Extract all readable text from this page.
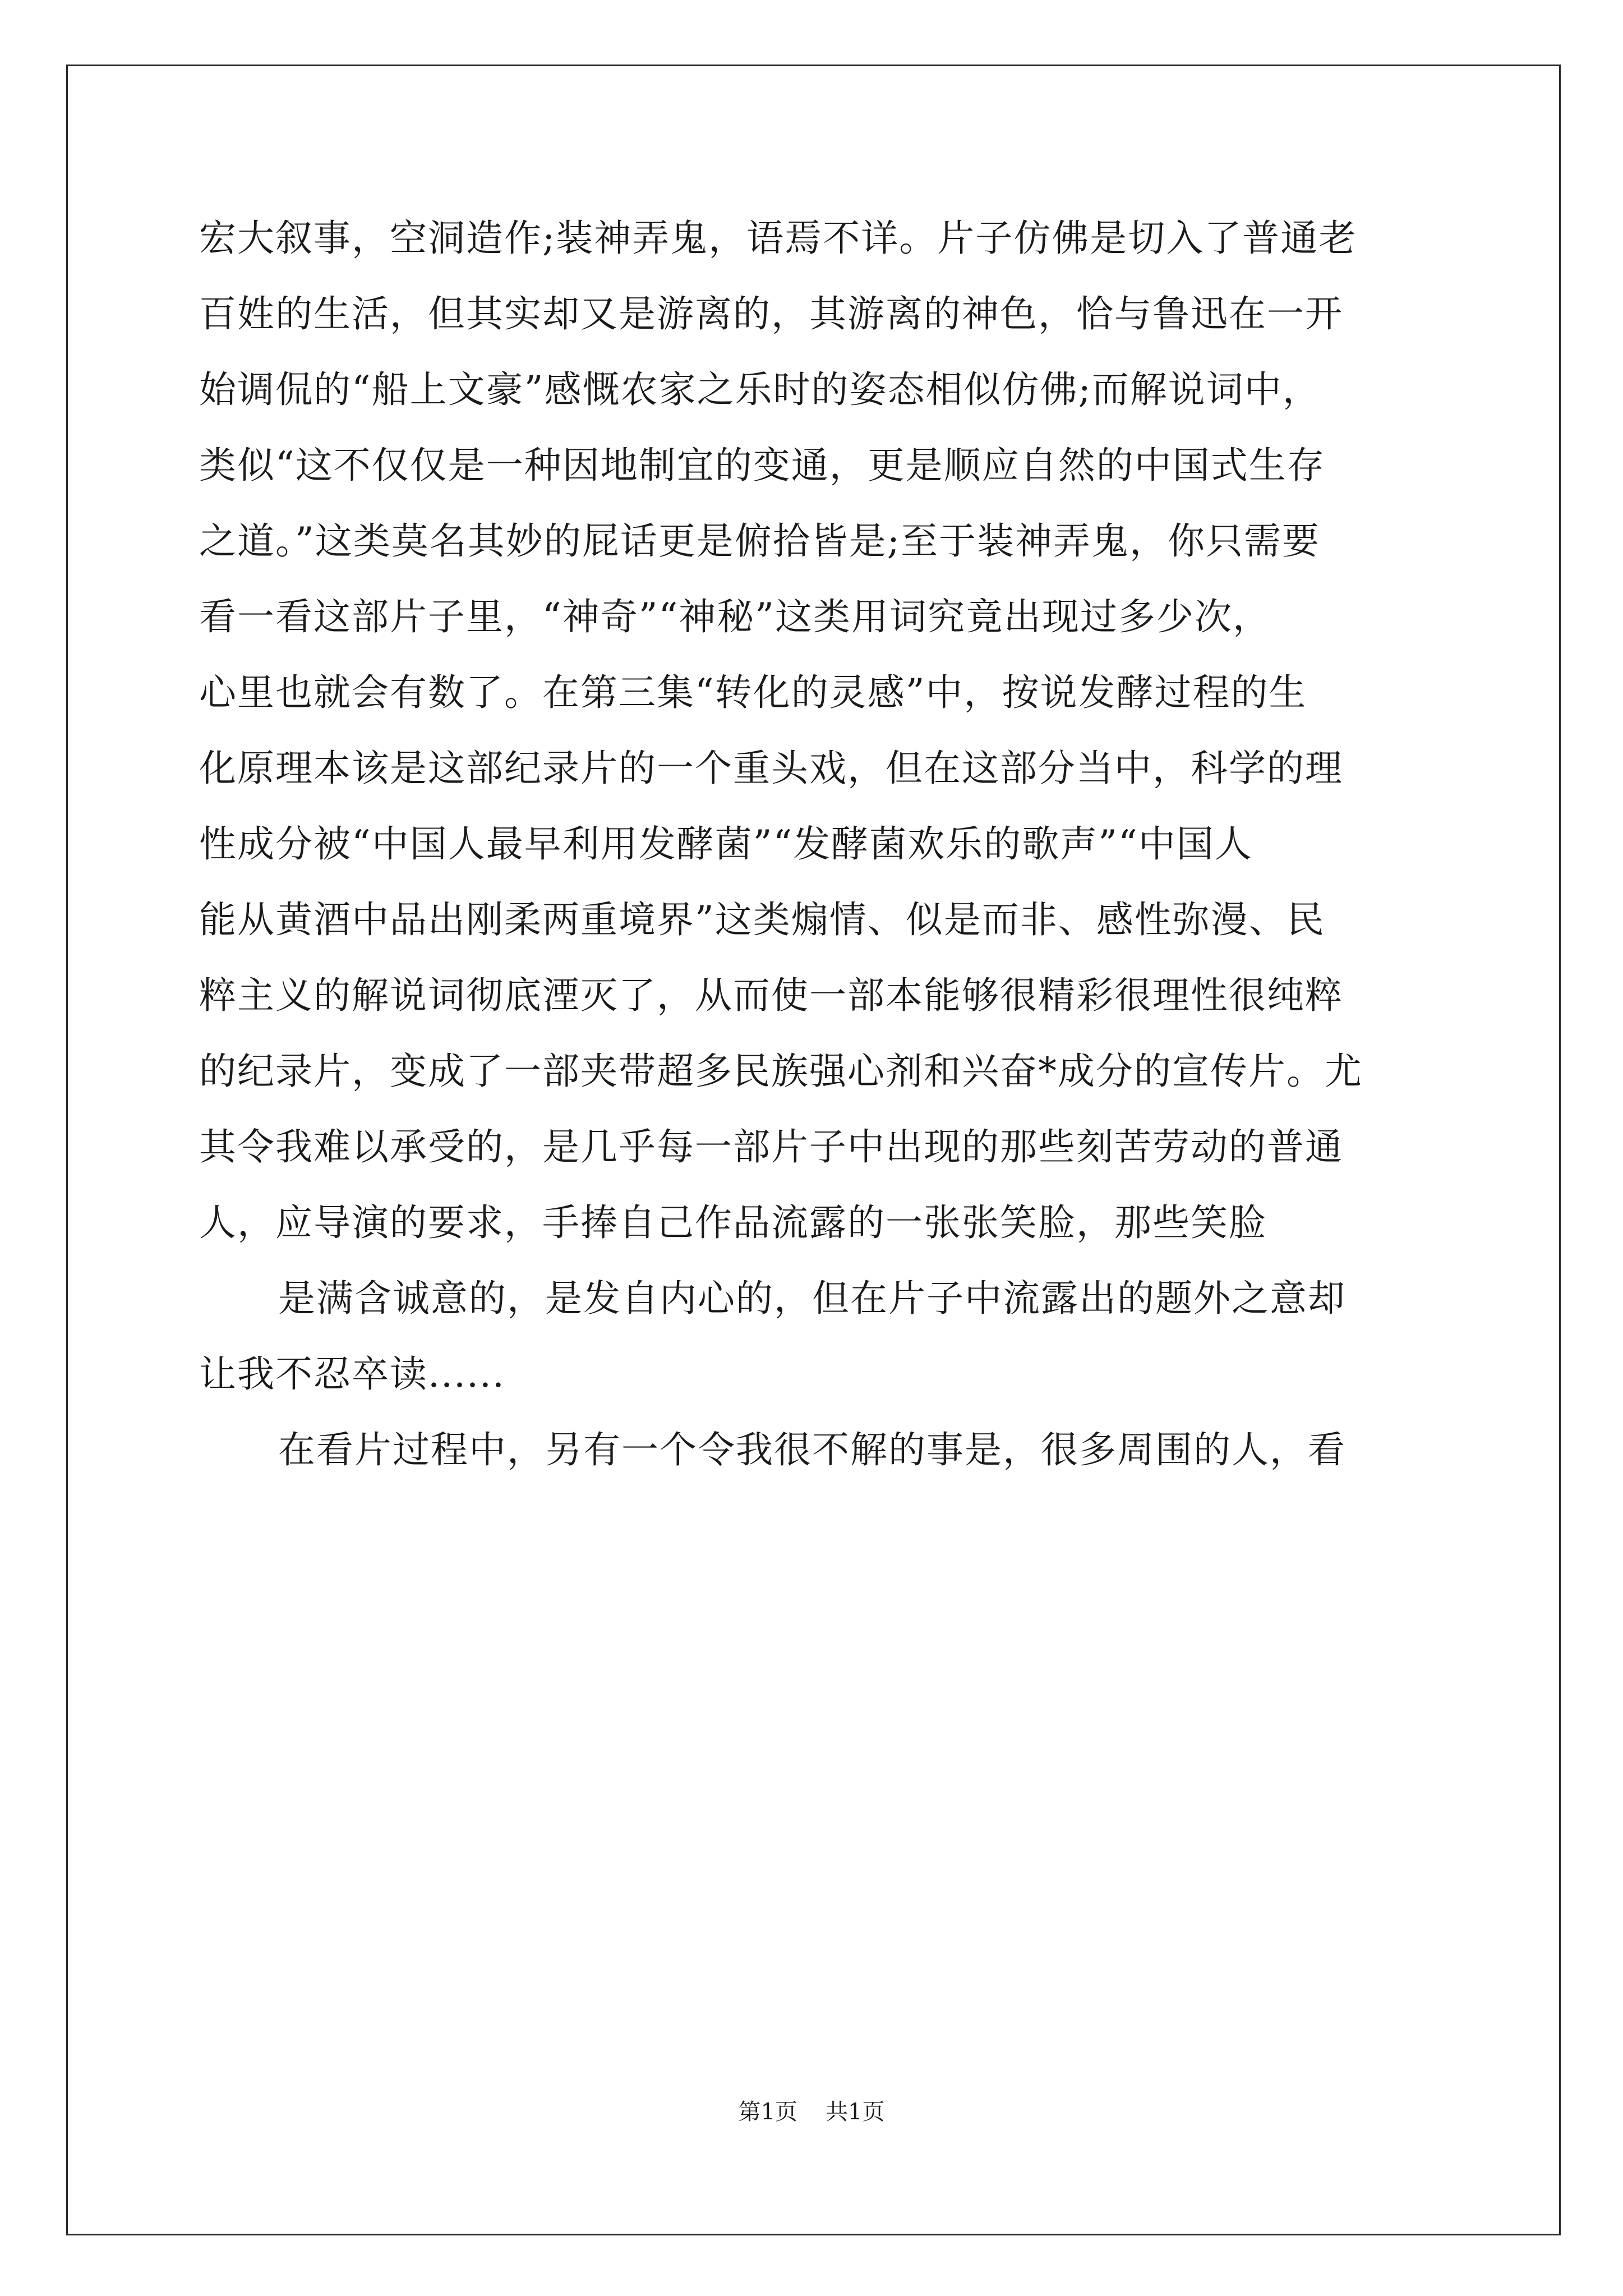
宏大叙事，空洞造作;装神弄鬼，语焉不详。片子仿佛是切入了普通老
百姓的生活，但其实却又是游离的，其游离的神色，恰与鲁迅在一开
始调侃的“船上文豪”感慨农家之乐时的姿态相似仿佛;而解说词中，
类似“这不仅仅是一种因地制宜的变通，更是顺应自然的中国式生存
之道。”这类莫名其妙的屁话更是俯拾皆是;至于装神弄鬼，你只需要
看一看这部片子里，“神奇”“神秘”这类用词究竟出现过多少次，
心里也就会有数了。在第三集“转化的灵感”中，按说发酵过程的生
化原理本该是这部纪录片的一个重头戏，但在这部分当中，科学的理
性成分被“中国人最早利用发酵菌”“发酵菌欢乐的歌声”“中国人
能从黄酒中品出刚柔两重境界”这类煽情、似是而非、感性弥漫、民
粹主义的解说词彻底湮灭了，从而使一部本能够很精彩很理性很纯粹
的纪录片，变成了一部夹带超多民族强心剂和兴奋*成分的宣传片。尤
其令我难以承受的，是几乎每一部片子中出现的那些刻苦劳动的普通
人，应导演的要求，手捧自己作品流露的一张张笑脸，那些笑脸
是满含诚意的，是发自内心的，但在片子中流露出的题外之意却
让我不忍卒读......
在看片过程中，另有一个令我很不解的事是，很多周围的人，看
第1页 共1页
